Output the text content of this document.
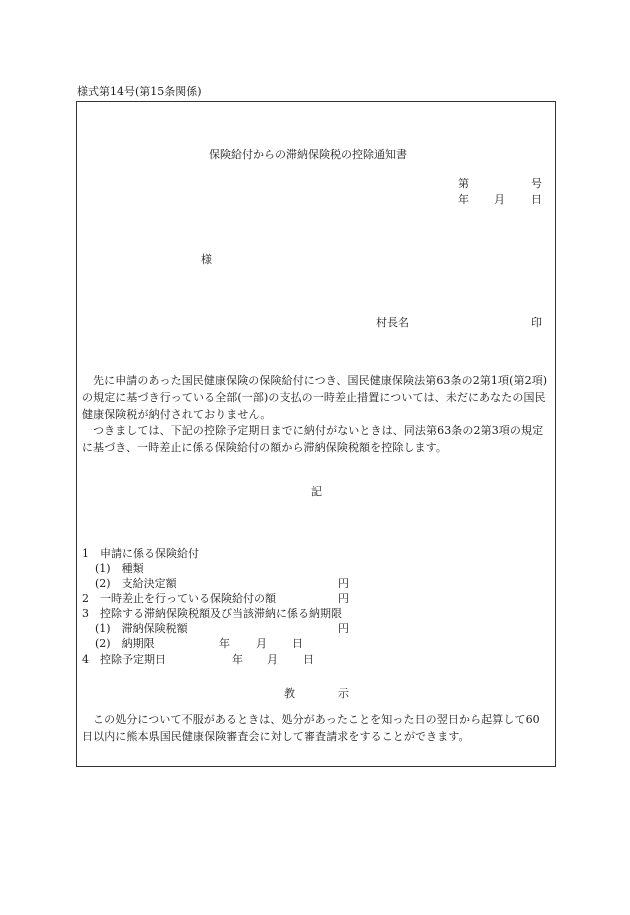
様式第14号(第15条関係)
保険給付からの滞納保険税の控除通知書
第	号
年 月 日
様
村長名	印
先に申請のあった国民健康保険の保険給付につき、国民健康保険法第63条の2第1項(第2項)の規定に基づき行っている全部(一部)の支払の一時差止措置については、未だにあなたの国民健康保険税が納付されておりません。
つきましては、下記の控除予定期日までに納付がないときは、同法第63条の2第3項の規定に基づき、一時差止に係る保険給付の額から滞納保険税額を控除します。
記
1　申請に係る保険給付
(1)　種類
(2)　支給決定額	円
2　一時差止を行っている保険給付の額	円
3　控除する滞納保険税額及び当該滞納に係る納期限
(1)　滞納保険税額	円
(2)　納期限	年 月 日
4　控除予定期日	年 月 日
教	示
この処分について不服があるときは、処分があったことを知った日の翌日から起算して60日以内に熊本県国民健康保険審査会に対して審査請求をすることができます。
